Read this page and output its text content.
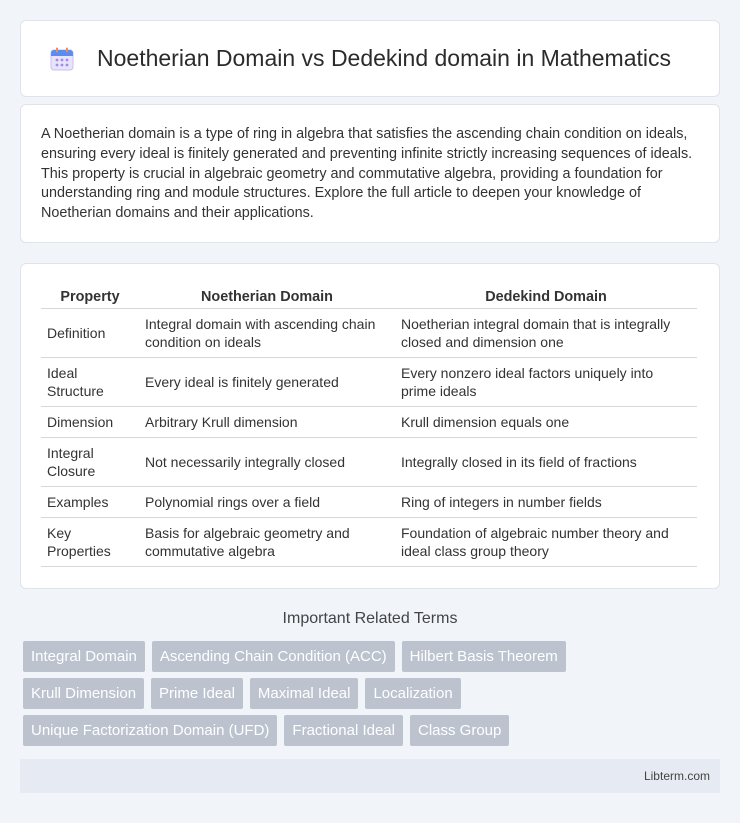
Noetherian Domain vs Dedekind domain in Mathematics

A Noetherian domain is a type of ring in algebra that satisfies the ascending chain condition on ideals, ensuring every ideal is finitely generated and preventing infinite strictly increasing sequences of ideals. This property is crucial in algebraic geometry and commutative algebra, providing a foundation for understanding ring and module structures. Explore the full article to deepen your knowledge of Noetherian domains and their applications.

Property	Noetherian Domain	Dedekind Domain
Definition	Integral domain with ascending chain condition on ideals	Noetherian integral domain that is integrally closed and dimension one
Ideal Structure	Every ideal is finitely generated	Every nonzero ideal factors uniquely into prime ideals
Dimension	Arbitrary Krull dimension	Krull dimension equals one
Integral Closure	Not necessarily integrally closed	Integrally closed in its field of fractions
Examples	Polynomial rings over a field	Ring of integers in number fields
Key Properties	Basis for algebraic geometry and commutative algebra	Foundation of algebraic number theory and ideal class group theory
Important Related Terms
Integral Domain	Ascending Chain Condition (ACC)	Hilbert Basis Theorem
Krull Dimension	Prime Ideal	Maximal Ideal	Localization
Unique Factorization Domain (UFD)	Fractional Ideal	Class Group
Libterm.com
